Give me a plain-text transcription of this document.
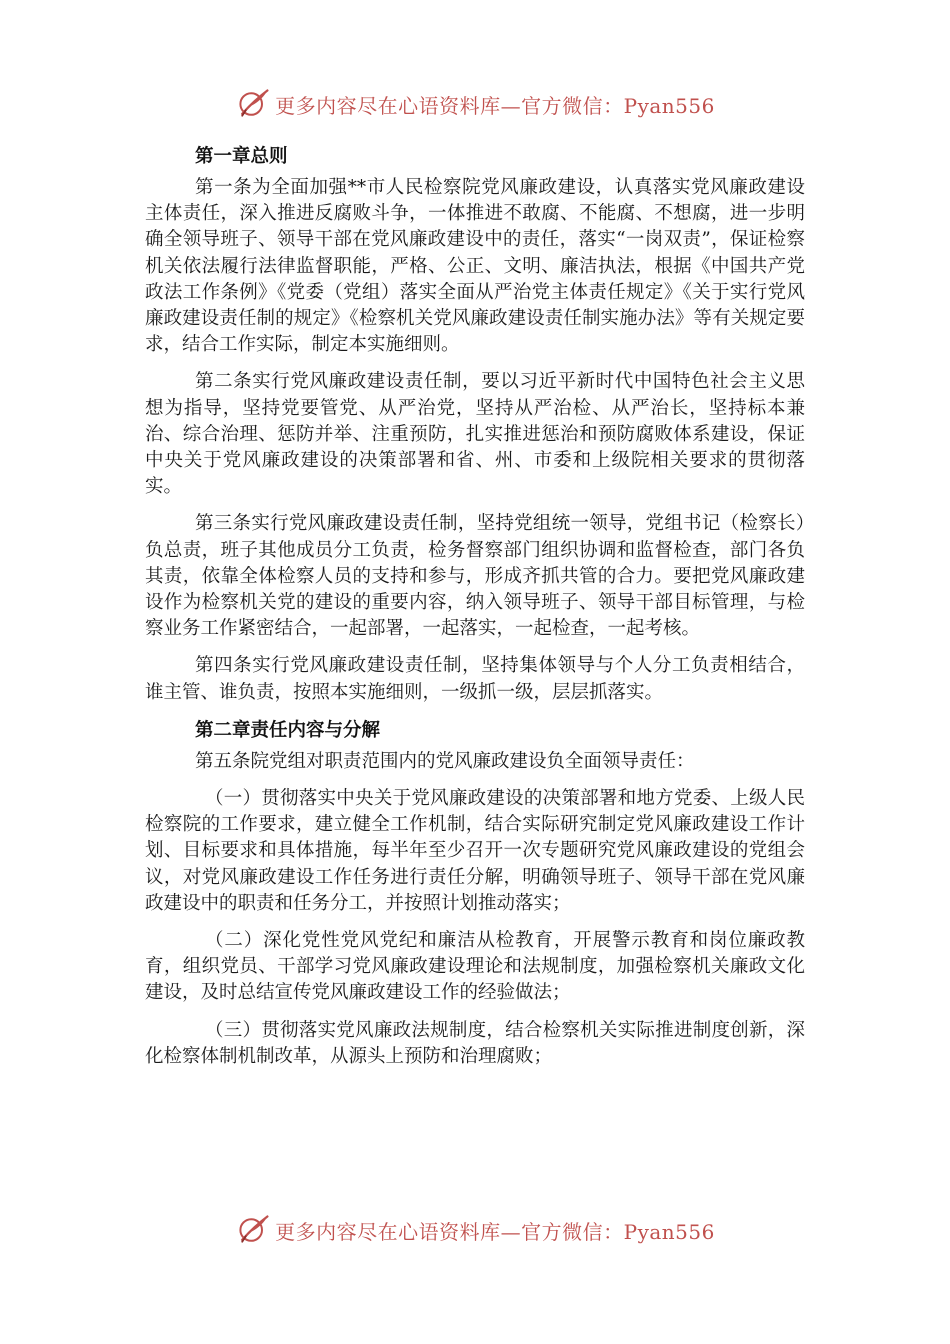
更多内容尽在心语资料库—官方微信：Pyan556
第一章总则

第一条为全面加强**市人民检察院党风廉政建设，认真落实党风廉政建设主体责任，深入推进反腐败斗争，一体推进不敢腐、不能腐、不想腐，进一步明确全领导班子、领导干部在党风廉政建设中的责任，落实“一岗双责”，保证检察机关依法履行法律监督职能，严格、公正、文明、廉洁执法，根据《中国共产党政法工作条例》《党委（党组）落实全面从严治党主体责任规定》《关于实行党风廉政建设责任制的规定》《检察机关党风廉政建设责任制实施办法》等有关规定要求，结合工作实际，制定本实施细则。

第二条实行党风廉政建设责任制，要以习近平新时代中国特色社会主义思想为指导，坚持党要管党、从严治党，坚持从严治检、从严治长，坚持标本兼治、综合治理、惩防并举、注重预防，扎实推进惩治和预防腐败体系建设，保证中央关于党风廉政建设的决策部署和省、州、市委和上级院相关要求的贯彻落实。

第三条实行党风廉政建设责任制，坚持党组统一领导，党组书记（检察长）负总责，班子其他成员分工负责，检务督察部门组织协调和监督检查，部门各负其责，依靠全体检察人员的支持和参与，形成齐抓共管的合力。要把党风廉政建设作为检察机关党的建设的重要内容，纳入领导班子、领导干部目标管理，与检察业务工作紧密结合，一起部署，一起落实，一起检查，一起考核。

第四条实行党风廉政建设责任制，坚持集体领导与个人分工负责相结合，谁主管、谁负责，按照本实施细则，一级抓一级，层层抓落实。

第二章责任内容与分解

第五条院党组对职责范围内的党风廉政建设负全面领导责任：

（一）贯彻落实中央关于党风廉政建设的决策部署和地方党委、上级人民检察院的工作要求，建立健全工作机制，结合实际研究制定党风廉政建设工作计划、目标要求和具体措施，每半年至少召开一次专题研究党风廉政建设的党组会议，对党风廉政建设工作任务进行责任分解，明确领导班子、领导干部在党风廉政建设中的职责和任务分工，并按照计划推动落实；

（二）深化党性党风党纪和廉洁从检教育，开展警示教育和岗位廉政教育，组织党员、干部学习党风廉政建设理论和法规制度，加强检察机关廉政文化建设，及时总结宣传党风廉政建设工作的经验做法；

（三）贯彻落实党风廉政法规制度，结合检察机关实际推进制度创新，深化检察体制机制改革，从源头上预防和治理腐败；

更多内容尽在心语资料库—官方微信：Pyan556
